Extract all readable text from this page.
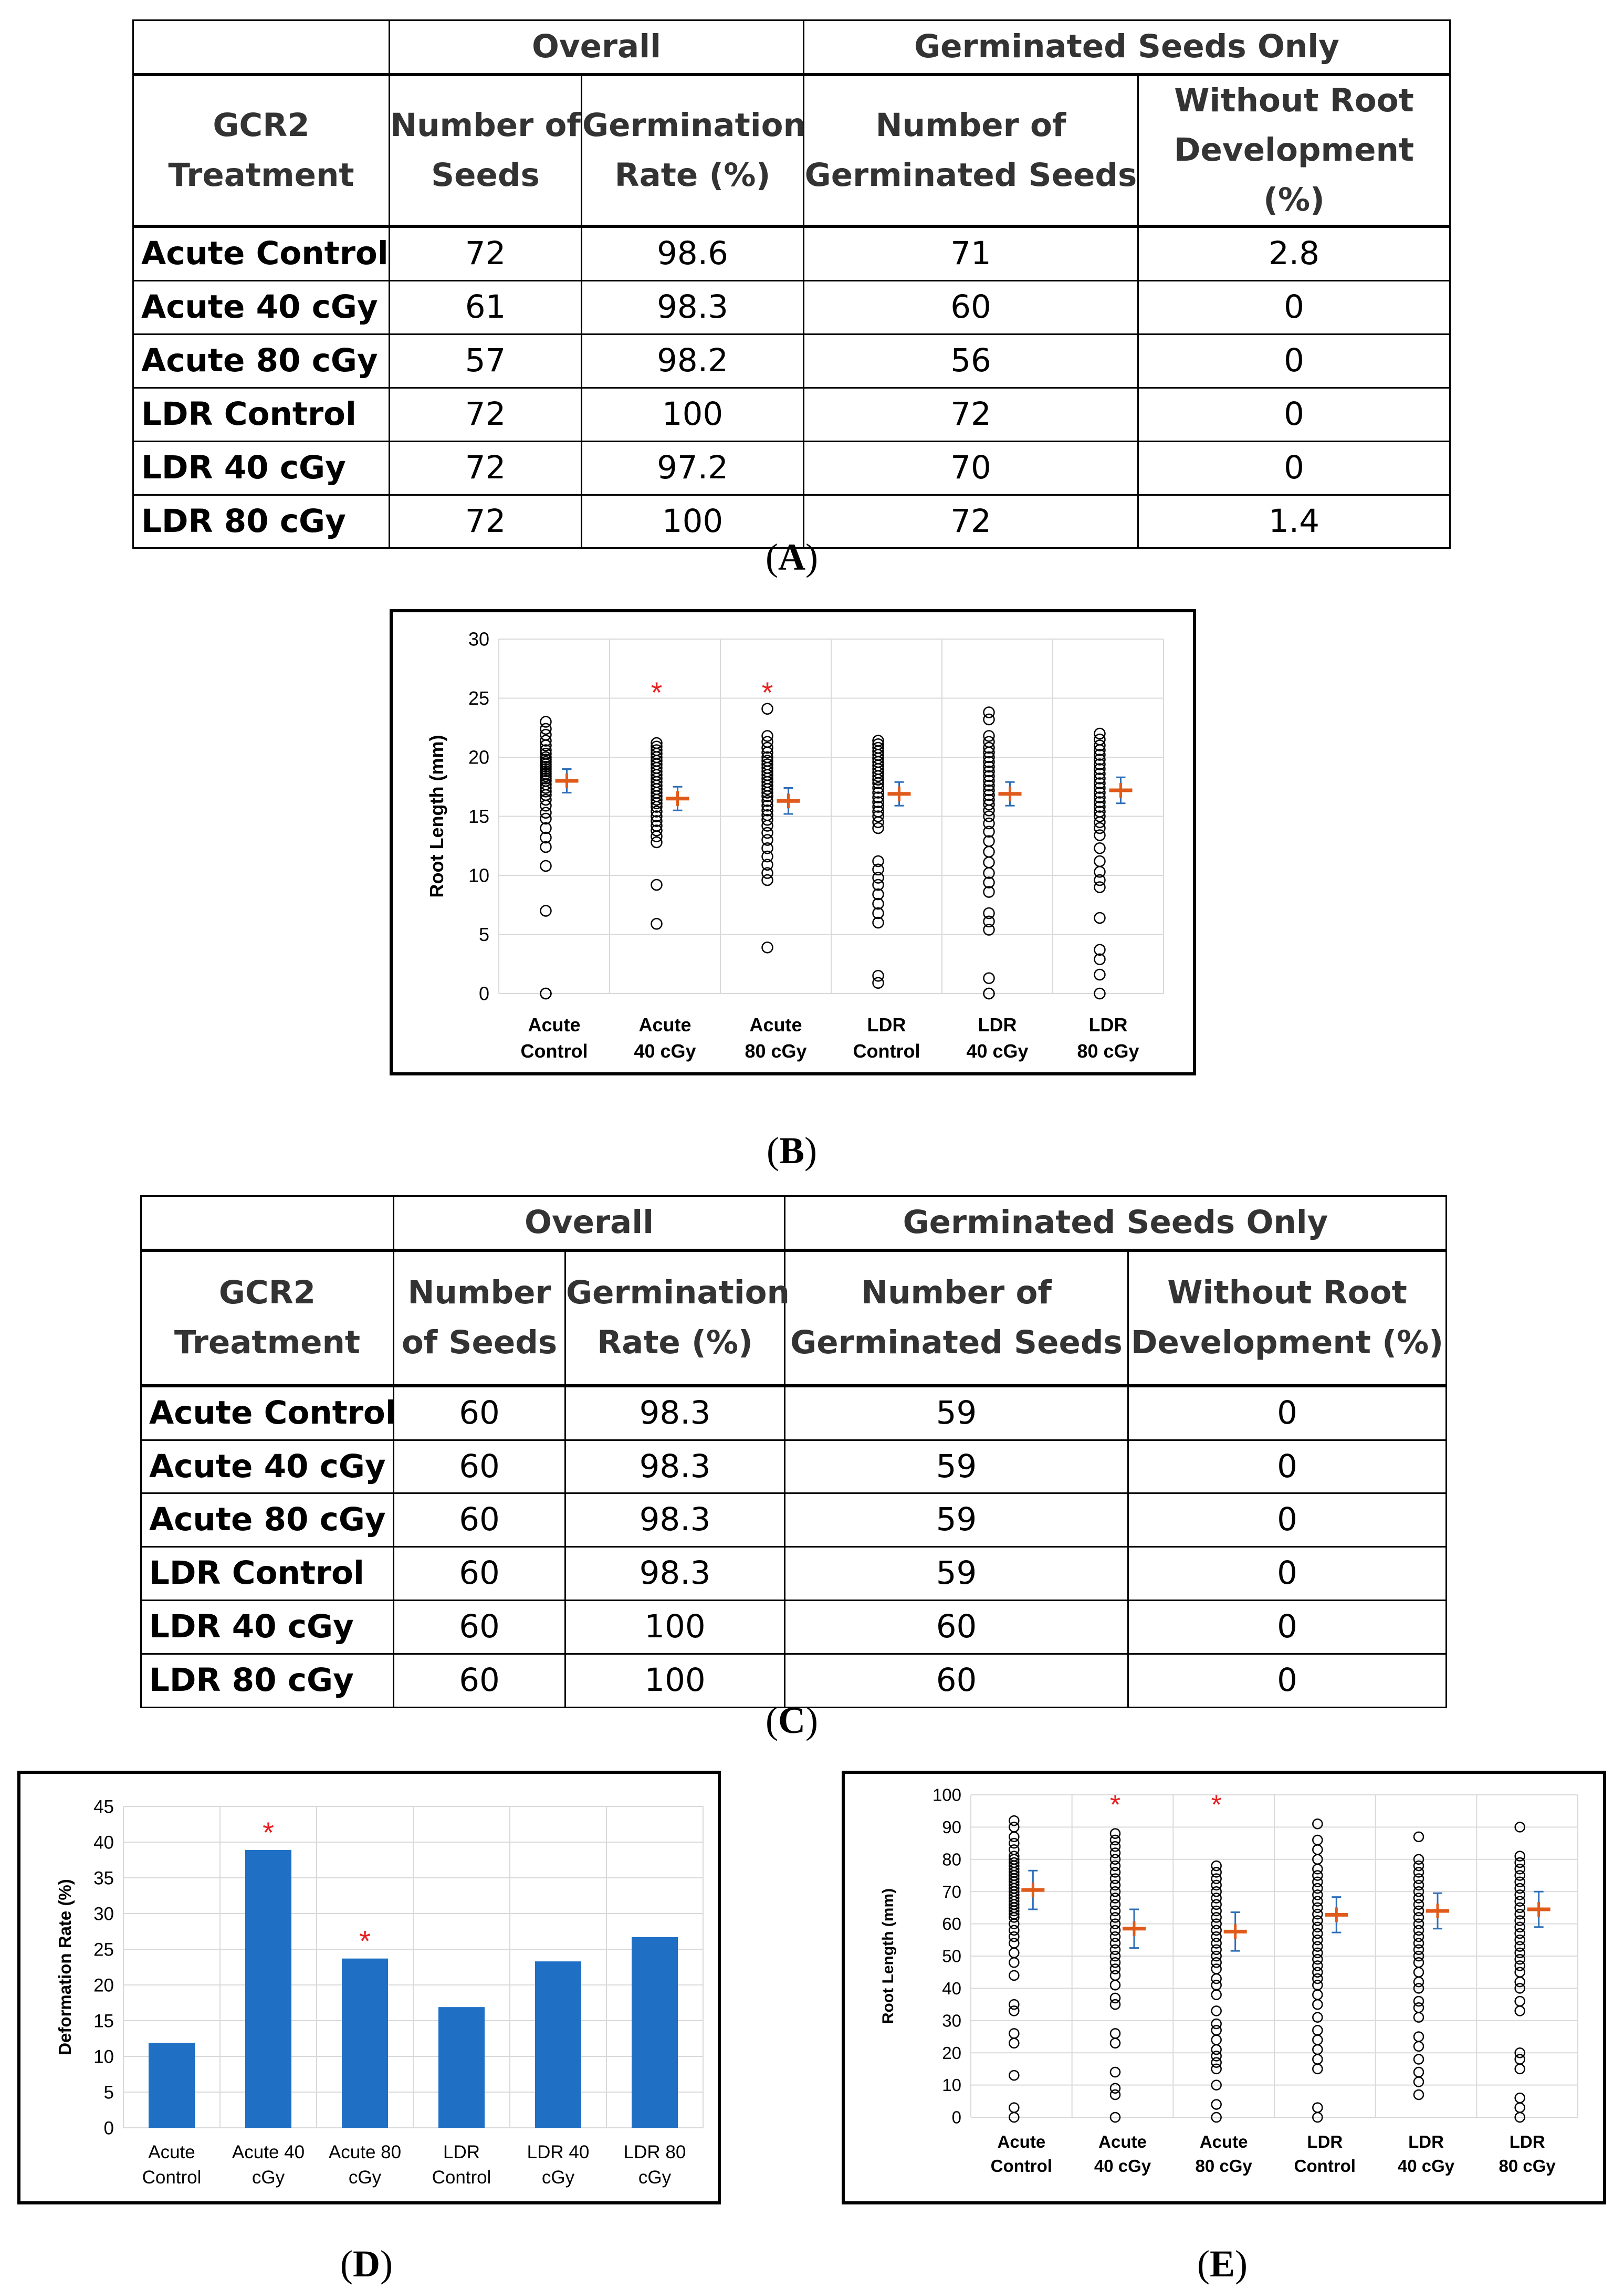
	Overall		Germinated Seeds Only	
GCR2 Treatment	Number of Seeds	Germination Rate (%)	Number of Germinated Seeds	Without Root Development (%)
Acute Control	72	98.6	71	2.8
Acute 40 cGy	61	98.3	60	0
Acute 80 cGy	57	98.2	56	0
LDR Control	72	100	72	0
LDR 40 cGy	72	97.2	70	0
LDR 80 cGy	72	100	72	1.4
(A)
0
5
10
15
20
25
30
Root Length (mm)
Acute
Control
*
Acute
40 cGy
*
Acute
80 cGy
LDR
Control
LDR
40 cGy
LDR
80 cGy
(B)
	Overall		Germinated Seeds Only	
GCR2 Treatment	Number of Seeds	Germination Rate (%)	Number of Germinated Seeds	Without Root Development (%)
Acute Control	60	98.3	59	0
Acute 40 cGy	60	98.3	59	0
Acute 80 cGy	60	98.3	59	0
LDR Control	60	98.3	59	0
LDR 40 cGy	60	100	60	0
LDR 80 cGy	60	100	60	0
(C)
0
5
10
15
20
25
30
35
40
45
Deformation Rate (%)
Acute
Control
*
Acute 40
cGy
*
Acute 80
cGy
LDR
Control
LDR 40
cGy
LDR 80
cGy
(D)
0
10
20
30
40
50
60
70
80
90
100
Root Length (mm)
Acute
Control
*
Acute
40 cGy
*
Acute
80 cGy
LDR
Control
LDR
40 cGy
LDR
80 cGy
(E)
